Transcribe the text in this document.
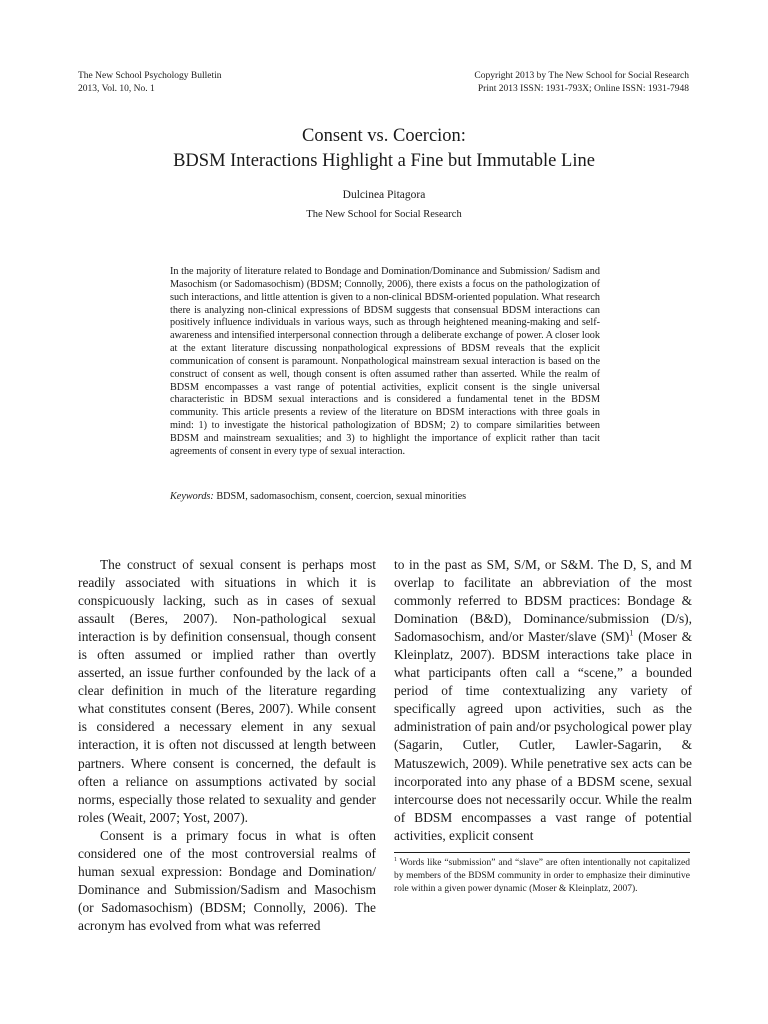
The New School Psychology Bulletin
2013, Vol. 10, No. 1
Copyright 2013 by The New School for Social Research
Print 2013 ISSN: 1931-793X; Online ISSN: 1931-7948
Consent vs. Coercion:
BDSM Interactions Highlight a Fine but Immutable Line
Dulcinea Pitagora
The New School for Social Research

In the majority of literature related to Bondage and Domination/Dominance and Submission/ Sadism and Masochism (or Sadomasochism) (BDSM; Connolly, 2006), there exists a focus on the pathologization of such interactions, and little attention is given to a non-clinical BDSM-oriented population. What research there is analyzing non-clinical expressions of BDSM suggests that consensual BDSM interactions can positively influence individuals in various ways, such as through heightened meaning-making and self-awareness and intensified interpersonal connection through a deliberate exchange of power. A closer look at the extant literature discussing nonpathological expressions of BDSM reveals that the explicit communication of consent is paramount. Nonpathological mainstream sexual interaction is based on the construct of consent as well, though consent is often assumed rather than asserted. While the realm of BDSM encompasses a vast range of potential activities, explicit consent is the single universal characteristic in BDSM sexual interactions and is considered a fundamental tenet in the BDSM community. This article presents a review of the literature on BDSM interactions with three goals in mind: 1) to investigate the historical pathologization of BDSM; 2) to compare similarities between BDSM and mainstream sexualities; and 3) to highlight the importance of explicit rather than tacit agreements of consent in every type of sexual interaction.

Keywords: BDSM, sadomasochism, consent, coercion, sexual minorities

The construct of sexual consent is perhaps most readily associated with situations in which it is conspicuously lacking, such as in cases of sexual assault (Beres, 2007). Non-pathological sexual interaction is by definition consensual, though consent is often assumed or implied rather than overtly asserted, an issue further confounded by the lack of a clear definition in much of the literature regarding what constitutes consent (Beres, 2007). While consent is considered a necessary element in any sexual interaction, it is often not discussed at length between partners. Where consent is concerned, the default is often a reliance on assumptions activated by social norms, especially those related to sexuality and gender roles (Weait, 2007; Yost, 2007).

Consent is a primary focus in what is often considered one of the most controversial realms of human sexual expression: Bondage and Domination/ Dominance and Submission/Sadism and Masochism (or Sadomasochism) (BDSM; Connolly, 2006). The acronym has evolved from what was referred

to in the past as SM, S/M, or S&M. The D, S, and M overlap to facilitate an abbreviation of the most commonly referred to BDSM practices: Bondage & Domination (B&D), Dominance/submission (D/s), Sadomasochism, and/or Master/slave (SM)$^1$ (Moser & Kleinplatz, 2007). BDSM interactions take place in what participants often call a “scene,” a bounded period of time contextualizing any variety of specifically agreed upon activities, such as the administration of pain and/or psychological power play (Sagarin, Cutler, Cutler, Lawler-Sagarin, & Matuszewich, 2009). While penetrative sex acts can be incorporated into any phase of a BDSM scene, sexual intercourse does not necessarily occur. While the realm of BDSM encompasses a vast range of potential activities, explicit consent

$^1$ Words like “submission” and “slave” are often intentionally not capitalized by members of the BDSM community in order to emphasize their diminutive role within a given power dynamic (Moser & Kleinplatz, 2007).
